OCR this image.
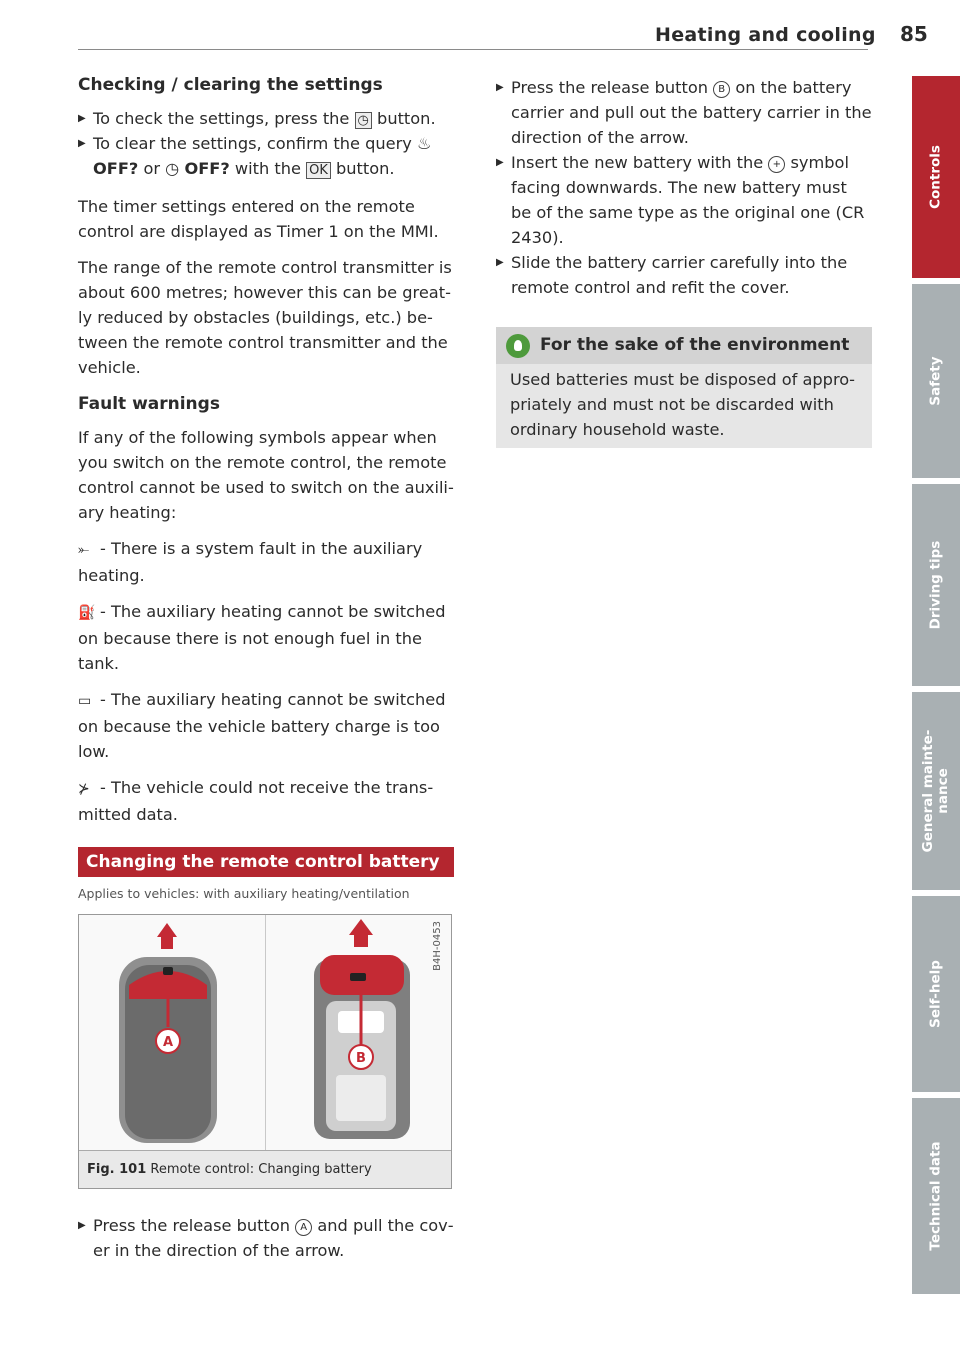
Heating and cooling 85
Checking / clearing the settings
▶ To check the settings, press the ◷ button.
▶ To clear the settings, confirm the query ♨ OFF? or ◷ OFF? with the OK button.

The timer settings entered on the remote control are displayed as Timer 1 on the MMI.

The range of the remote control transmitter is about 600 metres; however this can be greatly reduced by obstacles (buildings, etc.) between the remote control transmitter and the vehicle.

Fault warnings

If any of the following symbols appear when you switch on the remote control, the remote control cannot be used to switch on the auxiliary heating:

⤜ - There is a system fault in the auxiliary heating.
⛽ - The auxiliary heating cannot be switched on because there is not enough fuel in the tank.
▭ - The auxiliary heating cannot be switched on because the vehicle battery charge is too low.
⊁ - The vehicle could not receive the transmitted data.
Changing the remote control battery
Applies to vehicles: with auxiliary heating/ventilation
A
B
B4H-0453
Fig. 101 Remote control: Changing battery
▶ Press the release button A and pull the cover in the direction of the arrow.
▶ Press the release button B on the battery carrier and pull out the battery carrier in the direction of the arrow.
▶ Insert the new battery with the + symbol facing downwards. The new battery must be of the same type as the original one (CR 2430).
▶ Slide the battery carrier carefully into the remote control and refit the cover.
For the sake of the environment
Used batteries must be disposed of appropriately and must not be discarded with ordinary household waste.
Controls
Safety
Driving tips
General mainte-
nance
Self-help
Technical data
